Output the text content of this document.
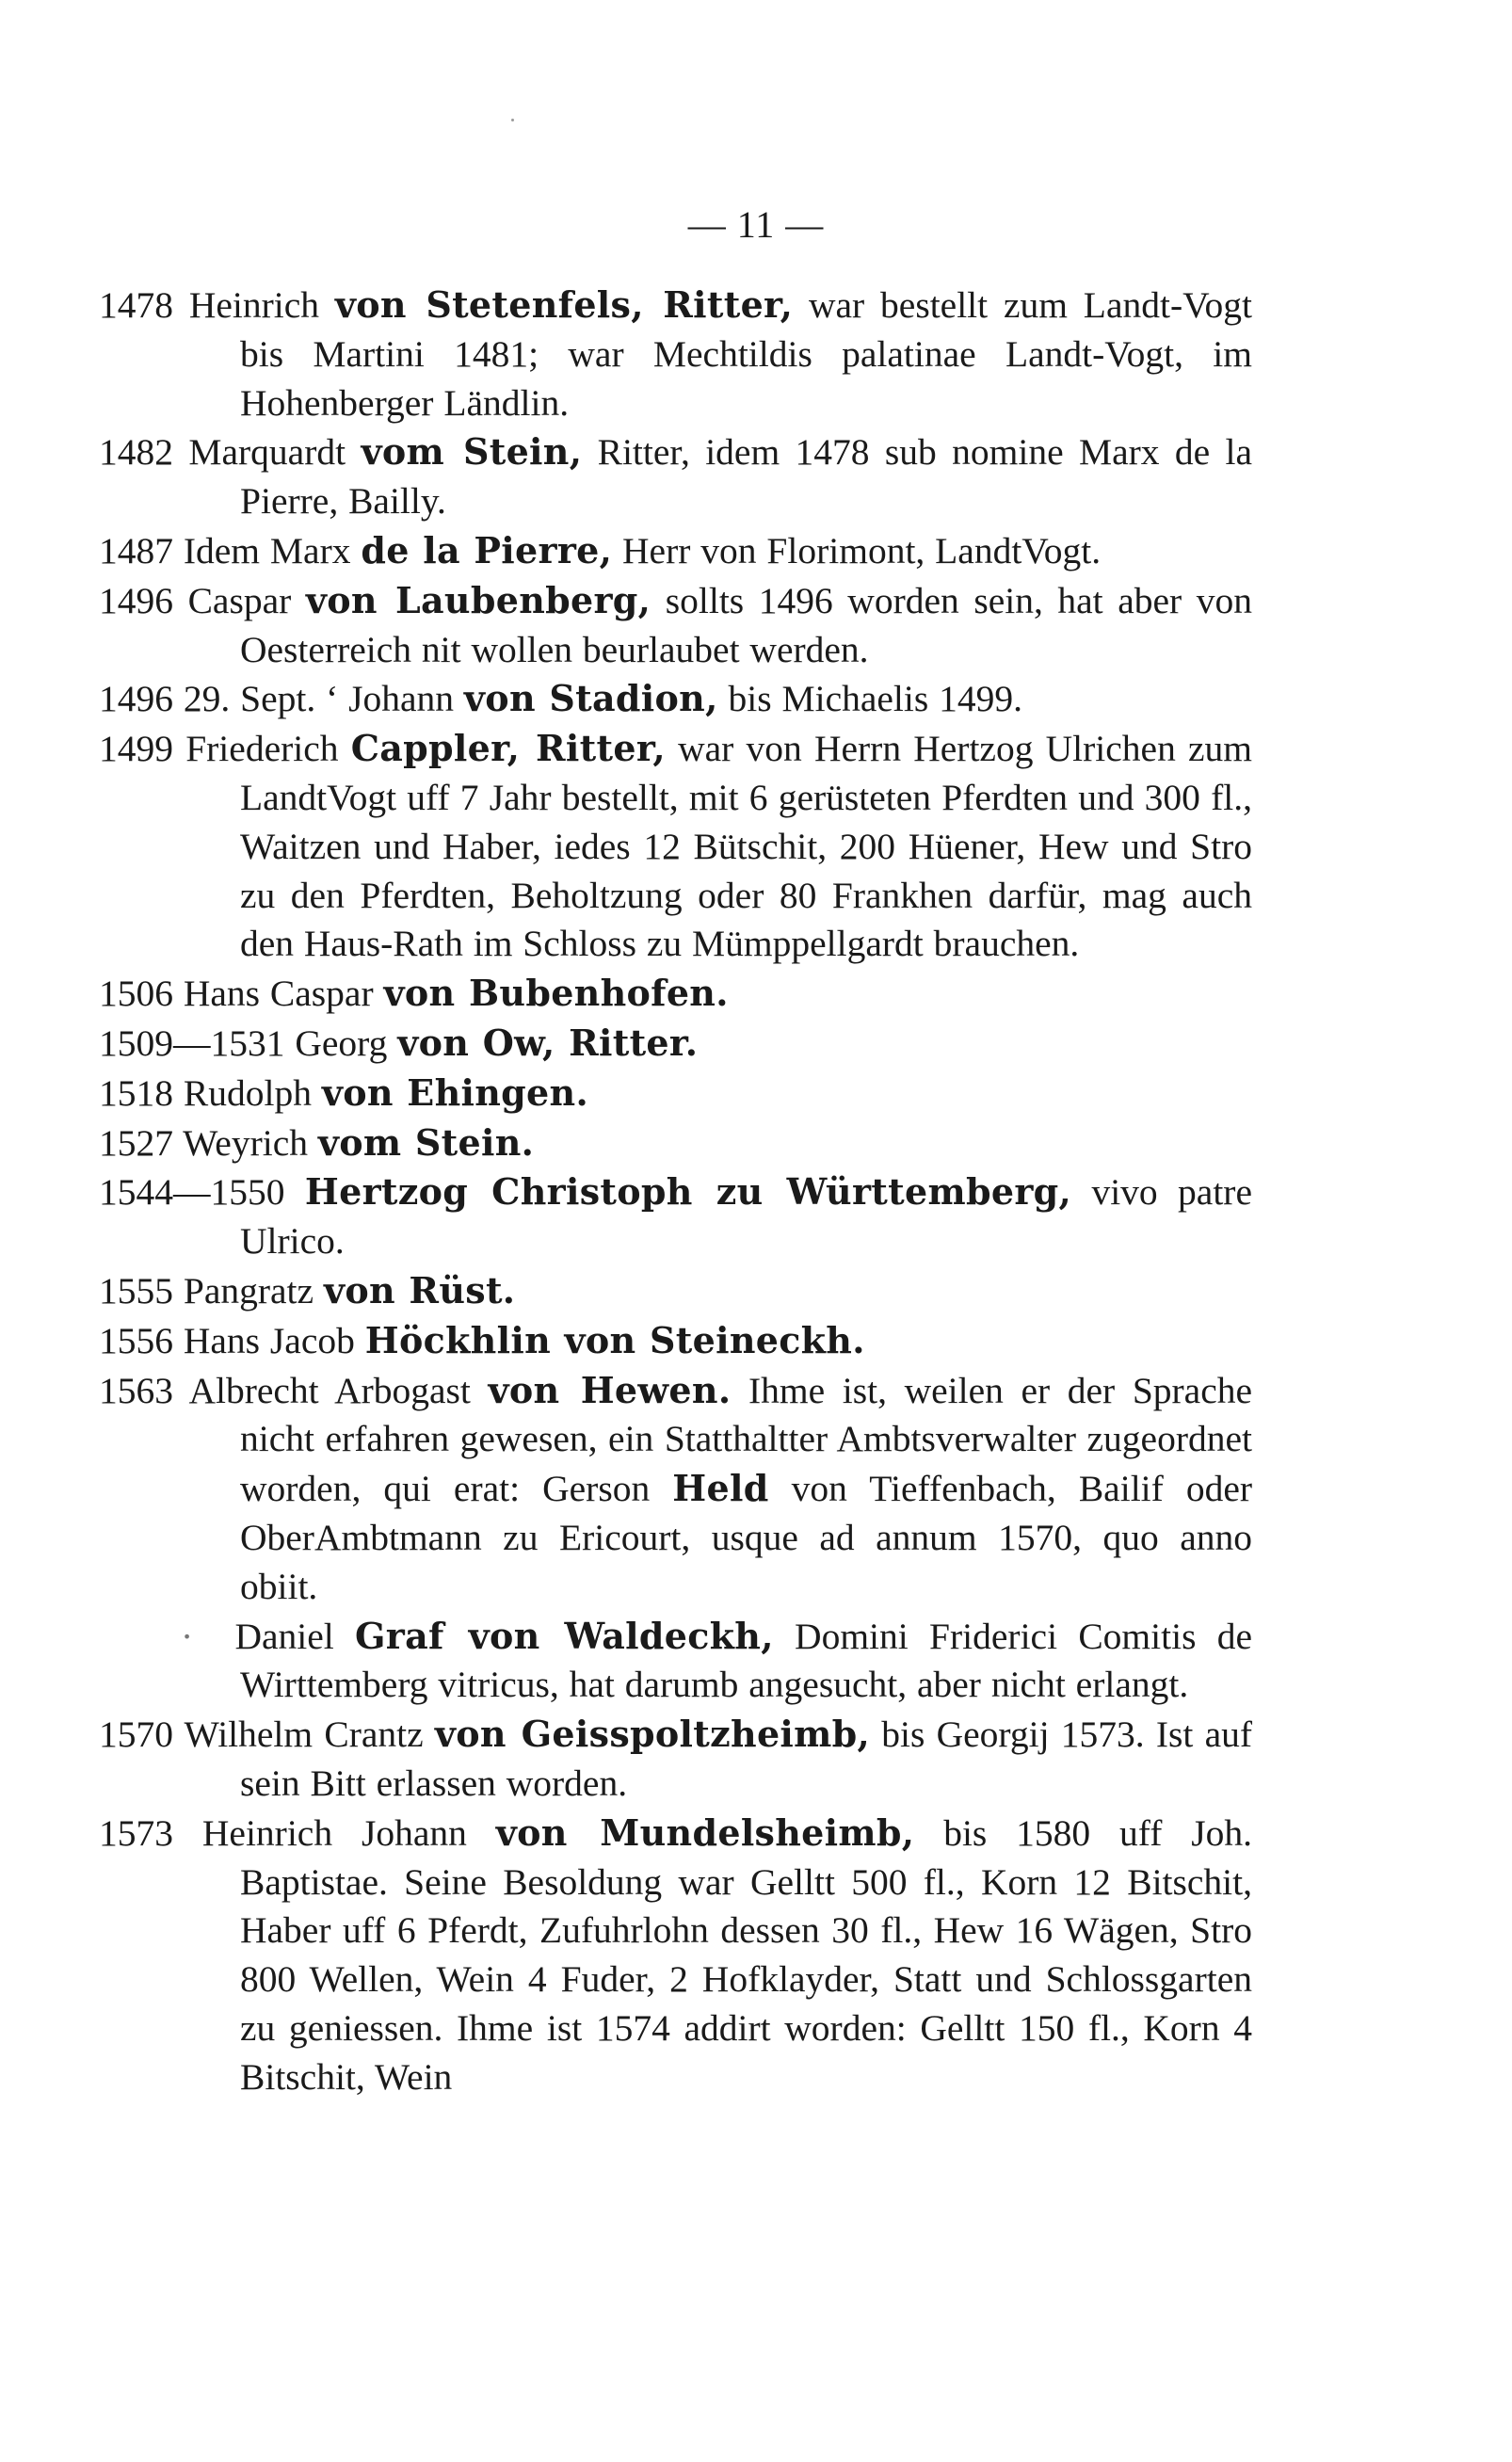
— 11 —

1478 Heinrich von Stetenfels, Ritter, war bestellt zum Landt-Vogt bis Martini 1481; war Mechtildis palatinae Landt-Vogt, im Hohenberger Ländlin.

1482 Marquardt vom Stein, Ritter, idem 1478 sub nomine Marx de la Pierre, Bailly.

1487 Idem Marx de la Pierre, Herr von Florimont, LandtVogt.

1496 Caspar von Laubenberg, sollts 1496 worden sein, hat aber von Oesterreich nit wollen beurlaubet werden.

1496 29. Sept. ‘ Johann von Stadion, bis Michaelis 1499.

1499 Friederich Cappler, Ritter, war von Herrn Hertzog Ulrichen zum LandtVogt uff 7 Jahr bestellt, mit 6 gerüsteten Pferdten und 300 fl., Waitzen und Haber, iedes 12 Bütschit, 200 Hüener, Hew und Stro zu den Pferdten, Beholtzung oder 80 Frankhen darfür, mag auch den Haus-Rath im Schloss zu Mümppellgardt brauchen.

1506 Hans Caspar von Bubenhofen.

1509—1531 Georg von Ow, Ritter.

1518 Rudolph von Ehingen.

1527 Weyrich vom Stein.

1544—1550 Hertzog Christoph zu Württemberg, vivo patre Ulrico.

1555 Pangratz von Rüst.

1556 Hans Jacob Höckhlin von Steineckh.

1563 Albrecht Arbogast von Hewen. Ihme ist, weilen er der Sprache nicht erfahren gewesen, ein Statthaltter Ambtsverwalter zugeordnet worden, qui erat: Gerson Held von Tieffenbach, Bailif oder OberAmbtmann zu Ericourt, usque ad annum 1570, quo anno obiit.

· Daniel Graf von Waldeckh, Domini Friderici Comitis de Wirttemberg vitricus, hat darumb angesucht, aber nicht erlangt.

1570 Wilhelm Crantz von Geisspoltzheimb, bis Georgij 1573. Ist auf sein Bitt erlassen worden.

1573 Heinrich Johann von Mundelsheimb, bis 1580 uff Joh. Baptistae. Seine Besoldung war Gelltt 500 fl., Korn 12 Bitschit, Haber uff 6 Pferdt, Zufuhrlohn dessen 30 fl., Hew 16 Wägen, Stro 800 Wellen, Wein 4 Fuder, 2 Hofklayder, Statt und Schlossgarten zu geniessen. Ihme ist 1574 addirt worden: Gelltt 150 fl., Korn 4 Bitschit, Wein
